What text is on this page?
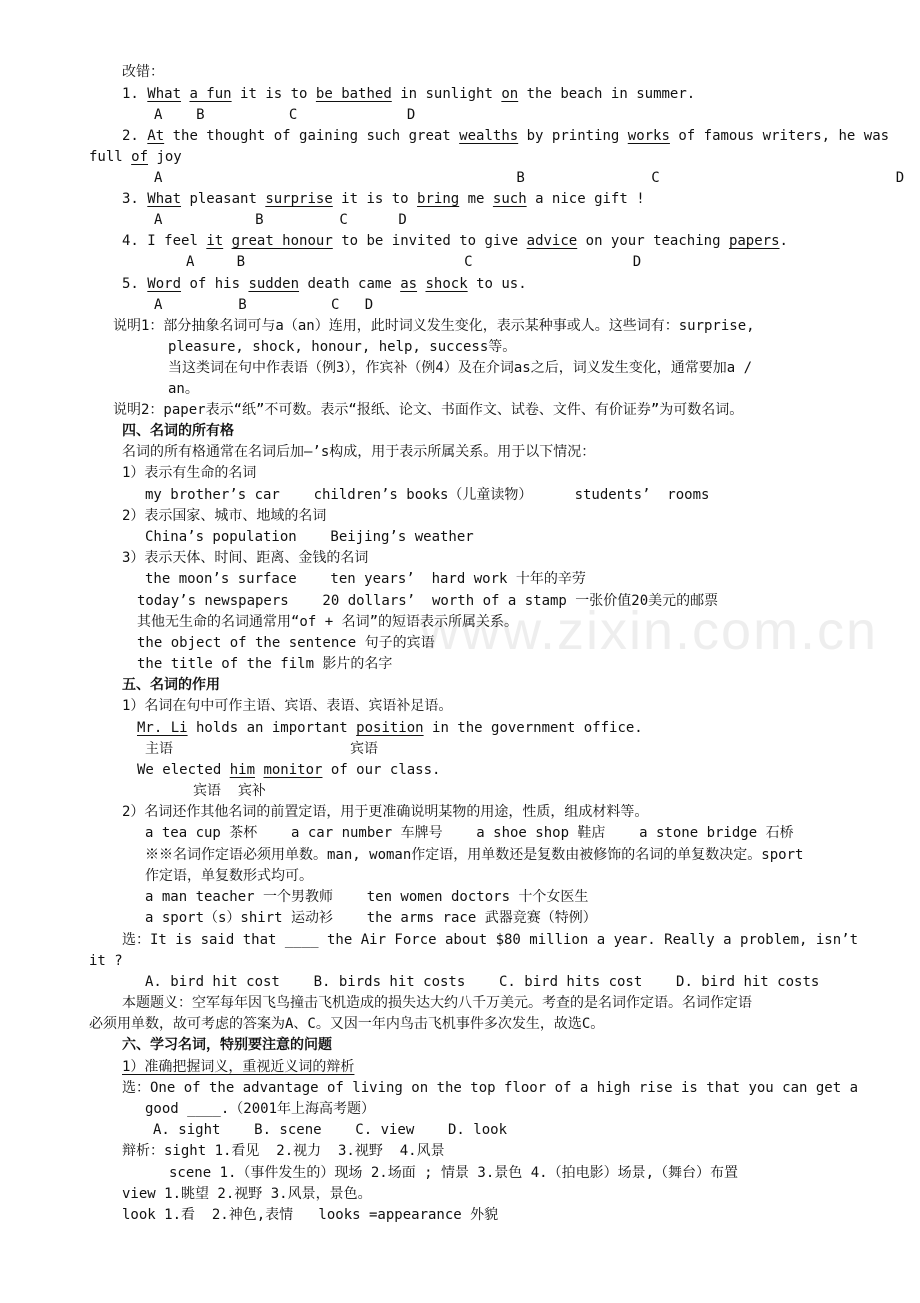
www.zixin.com.cn
改错：
1. What a fun it is to be bathed in sunlight on the beach in summer.
A    B          C             D
2. At the thought of gaining such great wealths by printing works of famous writers, he was
full of joy
A                                          B               C                            D
3. What pleasant surprise it is to bring me such a nice gift !
A           B         C      D
4. I feel it great honour to be invited to give advice on your teaching papers.
A     B                          C                   D
5. Word of his sudden death came as shock to us.
A         B          C   D
说明1：部分抽象名词可与a（an）连用，此时词义发生变化，表示某种事或人。这些词有：surprise,
pleasure, shock, honour, help, success等。
当这类词在句中作表语（例3），作宾补（例4）及在介词as之后，词义发生变化，通常要加a /
an。
说明2：paper表示“纸”不可数。表示“报纸、论文、书面作文、试卷、文件、有价证券”为可数名词。
四、名词的所有格
名词的所有格通常在名词后加—’s构成，用于表示所属关系。用于以下情况：
1）表示有生命的名词
my brother’s car    children’s books（儿童读物）     students’  rooms
2）表示国家、城市、地域的名词
China’s population    Beijing’s weather
3）表示天体、时间、距离、金钱的名词
the moon’s surface    ten years’  hard work 十年的辛劳
today’s newspapers    20 dollars’  worth of a stamp 一张价值20美元的邮票
其他无生命的名词通常用“of + 名词”的短语表示所属关系。
the object of the sentence 句子的宾语
the title of the film 影片的名字
五、名词的作用
1）名词在句中可作主语、宾语、表语、宾语补足语。
Mr. Li holds an important position in the government office.
主语                     宾语
We elected him monitor of our class.
宾语  宾补
2）名词还作其他名词的前置定语，用于更准确说明某物的用途，性质，组成材料等。
a tea cup 茶杯    a car number 车牌号    a shoe shop 鞋店    a stone bridge 石桥
※※名词作定语必须用单数。man, woman作定语，用单数还是复数由被修饰的名词的单复数决定。sport
作定语，单复数形式均可。
a man teacher 一个男教师    ten women doctors 十个女医生
a sport（s）shirt 运动衫    the arms race 武器竞赛（特例）
选：It is said that ____ the Air Force about $80 million a year. Really a problem, isn’t
it ?
A. bird hit cost    B. birds hit costs    C. bird hits cost    D. bird hit costs
本题题义：空军每年因飞鸟撞击飞机造成的损失达大约八千万美元。考查的是名词作定语。名词作定语
必须用单数，故可考虑的答案为A、C。又因一年内鸟击飞机事件多次发生，故选C。
六、学习名词，特别要注意的问题
1）准确把握词义，重视近义词的辩析
选：One of the advantage of living on the top floor of a high rise is that you can get a
good ____.（2001年上海高考题）
A. sight    B. scene    C. view    D. look
辩析：sight 1.看见  2.视力  3.视野  4.风景
scene 1.（事件发生的）现场 2.场面 ; 情景 3.景色 4.（拍电影）场景,（舞台）布置
view 1.眺望 2.视野 3.风景，景色。
look 1.看  2.神色,表情   looks =appearance 外貌
